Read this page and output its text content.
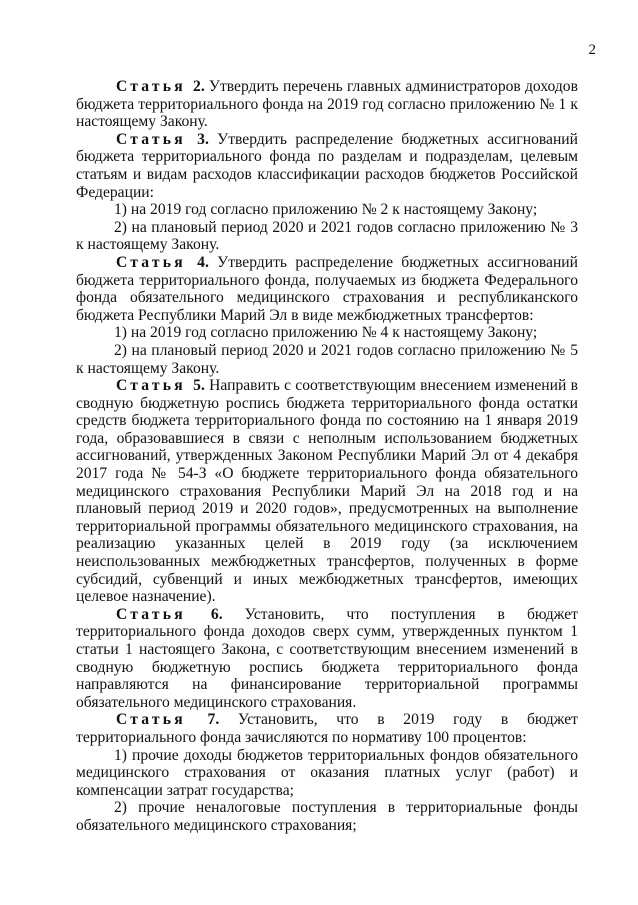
2

Статья 2. Утвердить перечень главных администраторов доходов бюджета территориального фонда на 2019 год согласно приложению № 1 к настоящему Закону.

Статья 3. Утвердить распределение бюджетных ассигнований бюджета территориального фонда по разделам и подразделам, целевым статьям и видам расходов классификации расходов бюджетов Российской Федерации:

1) на 2019 год согласно приложению № 2 к настоящему Закону;

2) на плановый период 2020 и 2021 годов согласно приложению № 3 к настоящему Закону.

Статья 4. Утвердить распределение бюджетных ассигнований бюджета территориального фонда, получаемых из бюджета Федерального фонда обязательного медицинского страхования и республиканского бюджета Республики Марий Эл в виде межбюджетных трансфертов:

1) на 2019 год согласно приложению № 4 к настоящему Закону;

2) на плановый период 2020 и 2021 годов согласно приложению № 5 к настоящему Закону.

Статья 5. Направить с соответствующим внесением изменений в сводную бюджетную роспись бюджета территориального фонда остатки средств бюджета территориального фонда по состоянию на 1 января 2019 года, образовавшиеся в связи с неполным использованием бюджетных ассигнований, утвержденных Законом Республики Марий Эл от 4 декабря 2017 года № 54-З «О бюджете территориального фонда обязательного медицинского страхования Республики Марий Эл на 2018 год и на плановый период 2019 и 2020 годов», предусмотренных на выполнение территориальной программы обязательного медицинского страхования, на реализацию указанных целей в 2019 году (за исключением неиспользованных межбюджетных трансфертов, полученных в форме субсидий, субвенций и иных межбюджетных трансфертов, имеющих целевое назначение).

Статья 6. Установить, что поступления в бюджет территориального фонда доходов сверх сумм, утвержденных пунктом 1 статьи 1 настоящего Закона, с соответствующим внесением изменений в сводную бюджетную роспись бюджета территориального фонда направляются на финансирование территориальной программы обязательного медицинского страхования.

Статья 7. Установить, что в 2019 году в бюджет территориального фонда зачисляются по нормативу 100 процентов:

1) прочие доходы бюджетов территориальных фондов обязательного медицинского страхования от оказания платных услуг (работ) и компенсации затрат государства;

2) прочие неналоговые поступления в территориальные фонды обязательного медицинского страхования;
